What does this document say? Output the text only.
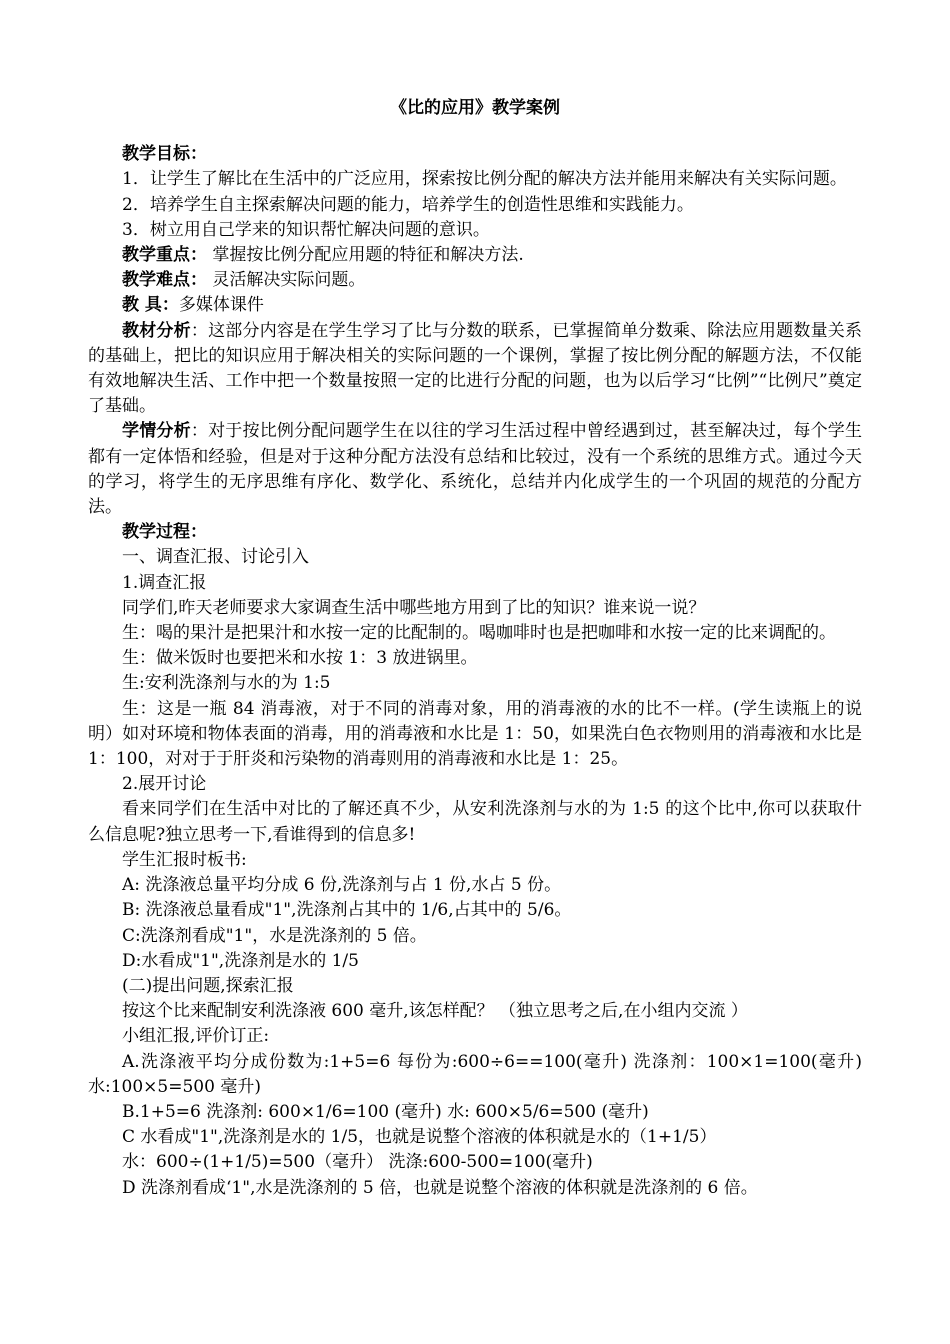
《比的应用》教学案例
教学目标：
1．让学生了解比在生活中的广泛应用，探索按比例分配的解决方法并能用来解决有关实际问题。
2．培养学生自主探索解决问题的能力，培养学生的创造性思维和实践能力。
3．树立用自己学来的知识帮忙解决问题的意识。
教学重点： 掌握按比例分配应用题的特征和解决方法.
教学难点： 灵活解决实际问题。
教 具：多媒体课件
教材分析：这部分内容是在学生学习了比与分数的联系，已掌握简单分数乘、除法应用题数量关系的基础上，把比的知识应用于解决相关的实际问题的一个课例，掌握了按比例分配的解题方法，不仅能有效地解决生活、工作中把一个数量按照一定的比进行分配的问题，也为以后学习“比例”“比例尺”奠定了基础。
学情分析：对于按比例分配问题学生在以往的学习生活过程中曾经遇到过，甚至解决过，每个学生都有一定体悟和经验，但是对于这种分配方法没有总结和比较过，没有一个系统的思维方式。通过今天的学习，将学生的无序思维有序化、数学化、系统化，总结并内化成学生的一个巩固的规范的分配方法。
教学过程：
一、调查汇报、讨论引入
1.调查汇报
同学们,昨天老师要求大家调查生活中哪些地方用到了比的知识？谁来说一说？
生：喝的果汁是把果汁和水按一定的比配制的。喝咖啡时也是把咖啡和水按一定的比来调配的。
生：做米饭时也要把米和水按 1：3 放进锅里。
生:安利洗涤剂与水的为 1:5
生：这是一瓶 84 消毒液，对于不同的消毒对象，用的消毒液的水的比不一样。(学生读瓶上的说明）如对环境和物体表面的消毒，用的消毒液和水比是 1：50，如果洗白色衣物则用的消毒液和水比是 1：100，对对于于肝炎和污染物的消毒则用的消毒液和水比是 1：25。
2.展开讨论
看来同学们在生活中对比的了解还真不少，从安利洗涤剂与水的为 1:5 的这个比中,你可以获取什么信息呢?独立思考一下,看谁得到的信息多!
学生汇报时板书:
A: 洗涤液总量平均分成 6 份,洗涤剂与占 1 份,水占 5 份。
B: 洗涤液总量看成"1",洗涤剂占其中的 1/6,占其中的 5/6。
C:洗涤剂看成"1"，水是洗涤剂的 5 倍。
D:水看成"1",洗涤剂是水的 1/5
(二)提出问题,探索汇报
按这个比来配制安利洗涤液 600 毫升,该怎样配？ （独立思考之后,在小组内交流 ）
小组汇报,评价订正:
A.洗涤液平均分成份数为:1+5=6 每份为:600÷6==100(毫升) 洗涤剂：100×1=100(毫升) 水:100×5=500 毫升)
B.1+5=6 洗涤剂: 600×1/6=100 (毫升) 水: 600×5/6=500 (毫升)
C 水看成"1",洗涤剂是水的 1/5，也就是说整个溶液的体积就是水的（1+1/5）
水：600÷(1+1/5)=500（毫升） 洗涤:600-500=100(毫升)
D 洗涤剂看成‘1",水是洗涤剂的 5 倍，也就是说整个溶液的体积就是洗涤剂的 6 倍。
